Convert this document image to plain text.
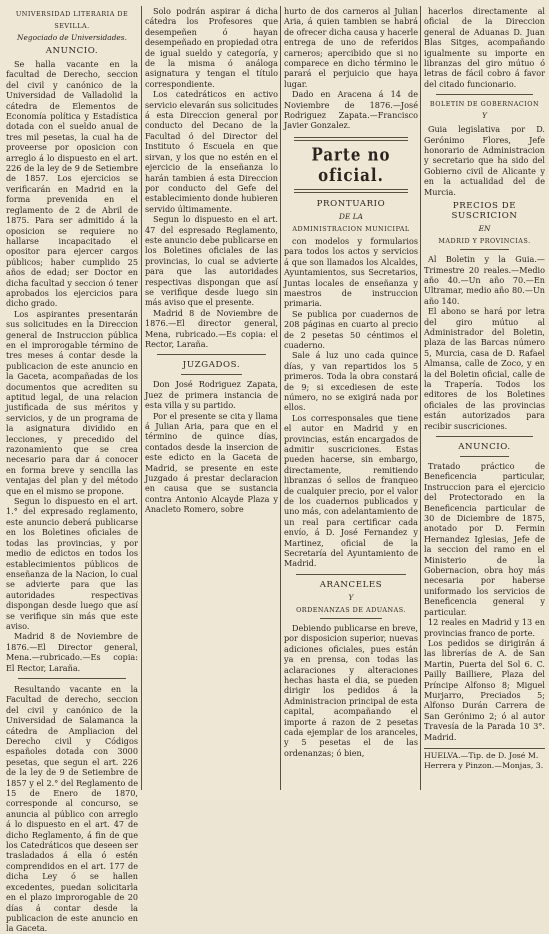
UNIVERSIDAD LITERARIA DE
SEVILLA.
Negociado de Universidades.
ANUNCIO.

Se halla vacante en la facultad de Derecho, seccion del civil y canónico de la Universidad de Valladolid la cátedra de Elementos de Economía política y Estadística dotada con el sueldo anual de tres mil pesetas, la cual ha de proveerse por oposicion con arreglo á lo dispuesto en el art. 226 de la ley de 9 de Setiembre de 1857. Los ejercicios se verificarán en Madrid en la forma prevenida en el reglamento de 2 de Abril de 1875. Para ser admitido á la oposicion se requiere no hallarse incapacitado el opositor para ejercer cargos públicos; haber cumplido 25 años de edad; ser Doctor en dicha facultad y seccion ó tener aprobados los ejercicios para dicho grado.

Los aspirantes presentarán sus solicitudes en la Direccion general de Instruccion pública en el improrogable término de tres meses á contar desde la publicacion de este anuncio en la Gaceta, acompañadas de los documentos que acrediten su aptitud legal, de una relacion justificada de sus méritos y servicios, y de un programa de la asignatura dividido en lecciones, y precedido del razonamiento que se crea necesario para dar á conocer en forma breve y sencilla las ventajas del plan y del método que en el mismo se propone.

Segun lo dispuesto en el art. 1.° del expresado reglamento, este anuncio deberá publicarse en los Boletines oficiales de todas las provincias, y por medio de edictos en todos los establecimientos públicos de enseñanza de la Nacion, lo cual se advierte para que las autoridades respectivas dispongan desde luego que así se verifique sin más que este aviso.

Madrid 8 de Noviembre de 1876.—El Director general, Mena.—rubricado.—Es copia: El Rector, Laraña.

Resultando vacante en la Facultad de derecho, seccion del civil y canónico de la Universidad de Salamanca la cátedra de Ampliacion del Derecho civil y Códigos españoles dotada con 3000 pesetas, que segun el art. 226 de la ley de 9 de Setiembre de 1857 y el 2.° del Reglamento de 15 de Enero de 1870, corresponde al concurso, se anuncia al público con arreglo á lo dispuesto en el art. 47 de dicho Reglamento, á fin de que los Catedráticos que deseen ser trasladados á ella ó estén comprendidos en el art. 177 de dicha Ley ó se hallen excedentes, puedan solicitarla en el plazo improrogable de 20 días á contar desde la publicacion de este anuncio en la Gaceta.

Solo podrán aspirar á dicha cátedra los Profesores que desempeñen ó hayan desempeñado en propiedad otra de igual sueldo y categoría, y de la misma ó análoga asignatura y tengan el título correspondiente.

Los catedráticos en activo servicio elevarán sus solicitudes á esta Direccion general por conducto del Decano de la Facultad ó del Director del Instituto ó Escuela en que sirvan, y los que no estén en el ejercicio de la enseñanza lo harán tambien á esta Direccion por conducto del Gefe del establecimiento donde hubieren servido últimamente.

Segun lo dispuesto en el art. 47 del espresado Reglamento, este anuncio debe publicarse en los Boletines oficiales de las provincias, lo cual se advierte para que las autoridades respectivas dispongan que así se verifique desde luego sin más aviso que el presente.

Madrid 8 de Noviembre de 1876.—El director general, Mena, rubricado.—Es copia: el Rector, Laraña.

JUZGADOS.

Don José Rodriguez Zapata, Juez de primera instancia de esta villa y su partido.

Por el presente se cita y llama á Julian Aria, para que en el término de quince días, contados desde la insercion de este edicto en la Gaceta de Madrid, se presente en este Juzgado á prestar declaracion en causa que se sustancia contra Antonio Alcayde Plaza y Anacleto Romero, sobre

hurto de dos carneros al Julian Aria, á quien tambien se habrá de ofrecer dicha causa y hacerle entrega de uno de referidos carneros; apercibido que si no comparece en dicho término le parará el perjuicio que haya lugar.

Dado en Aracena á 14 de Noviembre de 1876.—José Rodriguez Zapata.—Francisco Javier Gonzalez.

Parte no oficial.
PRONTUARIO
DE LA
ADMINISTRACION MUNICIPAL

con modelos y formularios para todos los actos y servicios á que son llamados los Alcaldes, Ayuntamientos, sus Secretarios, Juntas locales de enseñanza y maestros de instruccion primaria.

Se publica por cuadernos de 208 páginas en cuarto al precio de 2 pesetas 50 céntimos el cuaderno.

Sale á luz uno cada quince días, y van repartidos los 5 primeros. Toda la obra constará de 9; si excediesen de este número, no se exigirá nada por ellos.

Los corresponsales que tiene el autor en Madrid y en provincias, están encargados de admitir suscriciones. Estas pueden hacerse, sin embargo, directamente, remitiendo libranzas ó sellos de franqueo de cualquier precio, por el valor de los cuadernos publicados y uno más, con adelantamiento de un real para certificar cada envío, á D. José Fernandez y Martinez, oficial de la Secretaría del Ayuntamiento de Madrid.

ARANCELES
Y
ORDENANZAS DE ADUANAS.

Debiendo publicarse en breve, por disposicion superior, nuevas adiciones oficiales, pues están ya en prensa, con todas las aclaraciones y alteraciones hechas hasta el dia, se pueden dirigir los pedidos á la Administracion principal de esta capital, acompañando el importe á razon de 2 pesetas cada ejemplar de los aranceles, y 5 pesetas el de las ordenanzas; ó bien,

hacerlos directamente al oficial de la Direccion general de Aduanas D. Juan Blas Sitges, acompañando igualmente su importe en libranzas del giro mútuo ó letras de fácil cobro á favor del citado funcionario.

BOLETIN DE GOBERNACION
Y

Guia legislativa por D. Gerónimo Flores, Jefe honorario de Administracion y secretario que ha sido del Gobierno civil de Alicante y en la actualidad del de Murcia.

PRECIOS DE SUSCRICION
EN
MADRID Y PROVINCIAS.

Al Boletin y la Guia.—Trimestre 20 reales.—Medio año 40.—Un año 70.—En Ultramar, medio año 80.—Un año 140.

El abono se hará por letra del giro mútuo al Administrador del Boletin, plaza de las Barcas número 5, Murcia, casa de D. Rafael Almansa, calle de Zoco, y en la del Boletin oficial, calle de la Trapería. Todos los editores de los Boletines oficiales de las provincias están autorizados para recibir suscriciones.

ANUNCIO.

Tratado práctico de Beneficencia particular, Instruccion para el ejercicio del Protectorado en la Beneficencia particular de 30 de Diciembre de 1875, anotado por D. Fermin Hernandez Iglesias, Jefe de la seccion del ramo en el Ministerio de la Gobernacion, obra hoy más necesaria por haberse uniformado los servicios de Beneficencia general y particular.

12 reales en Madrid y 13 en provincias franco de porte.

Los pedidos se dirigirán á las librerías de A. de San Martin, Puerta del Sol 6. C. Pailly Bailliere, Plaza del Príncipe Alfonso 8; Miguel Murjarro, Preciados 5; Alfonso Durán Carrera de San Gerónimo 2; ó al autor Travesía de la Parada 10 3°. Madrid.

HUELVA.—Tip. de D. José M. Herrera y Pinzon.—Monjas, 3.
